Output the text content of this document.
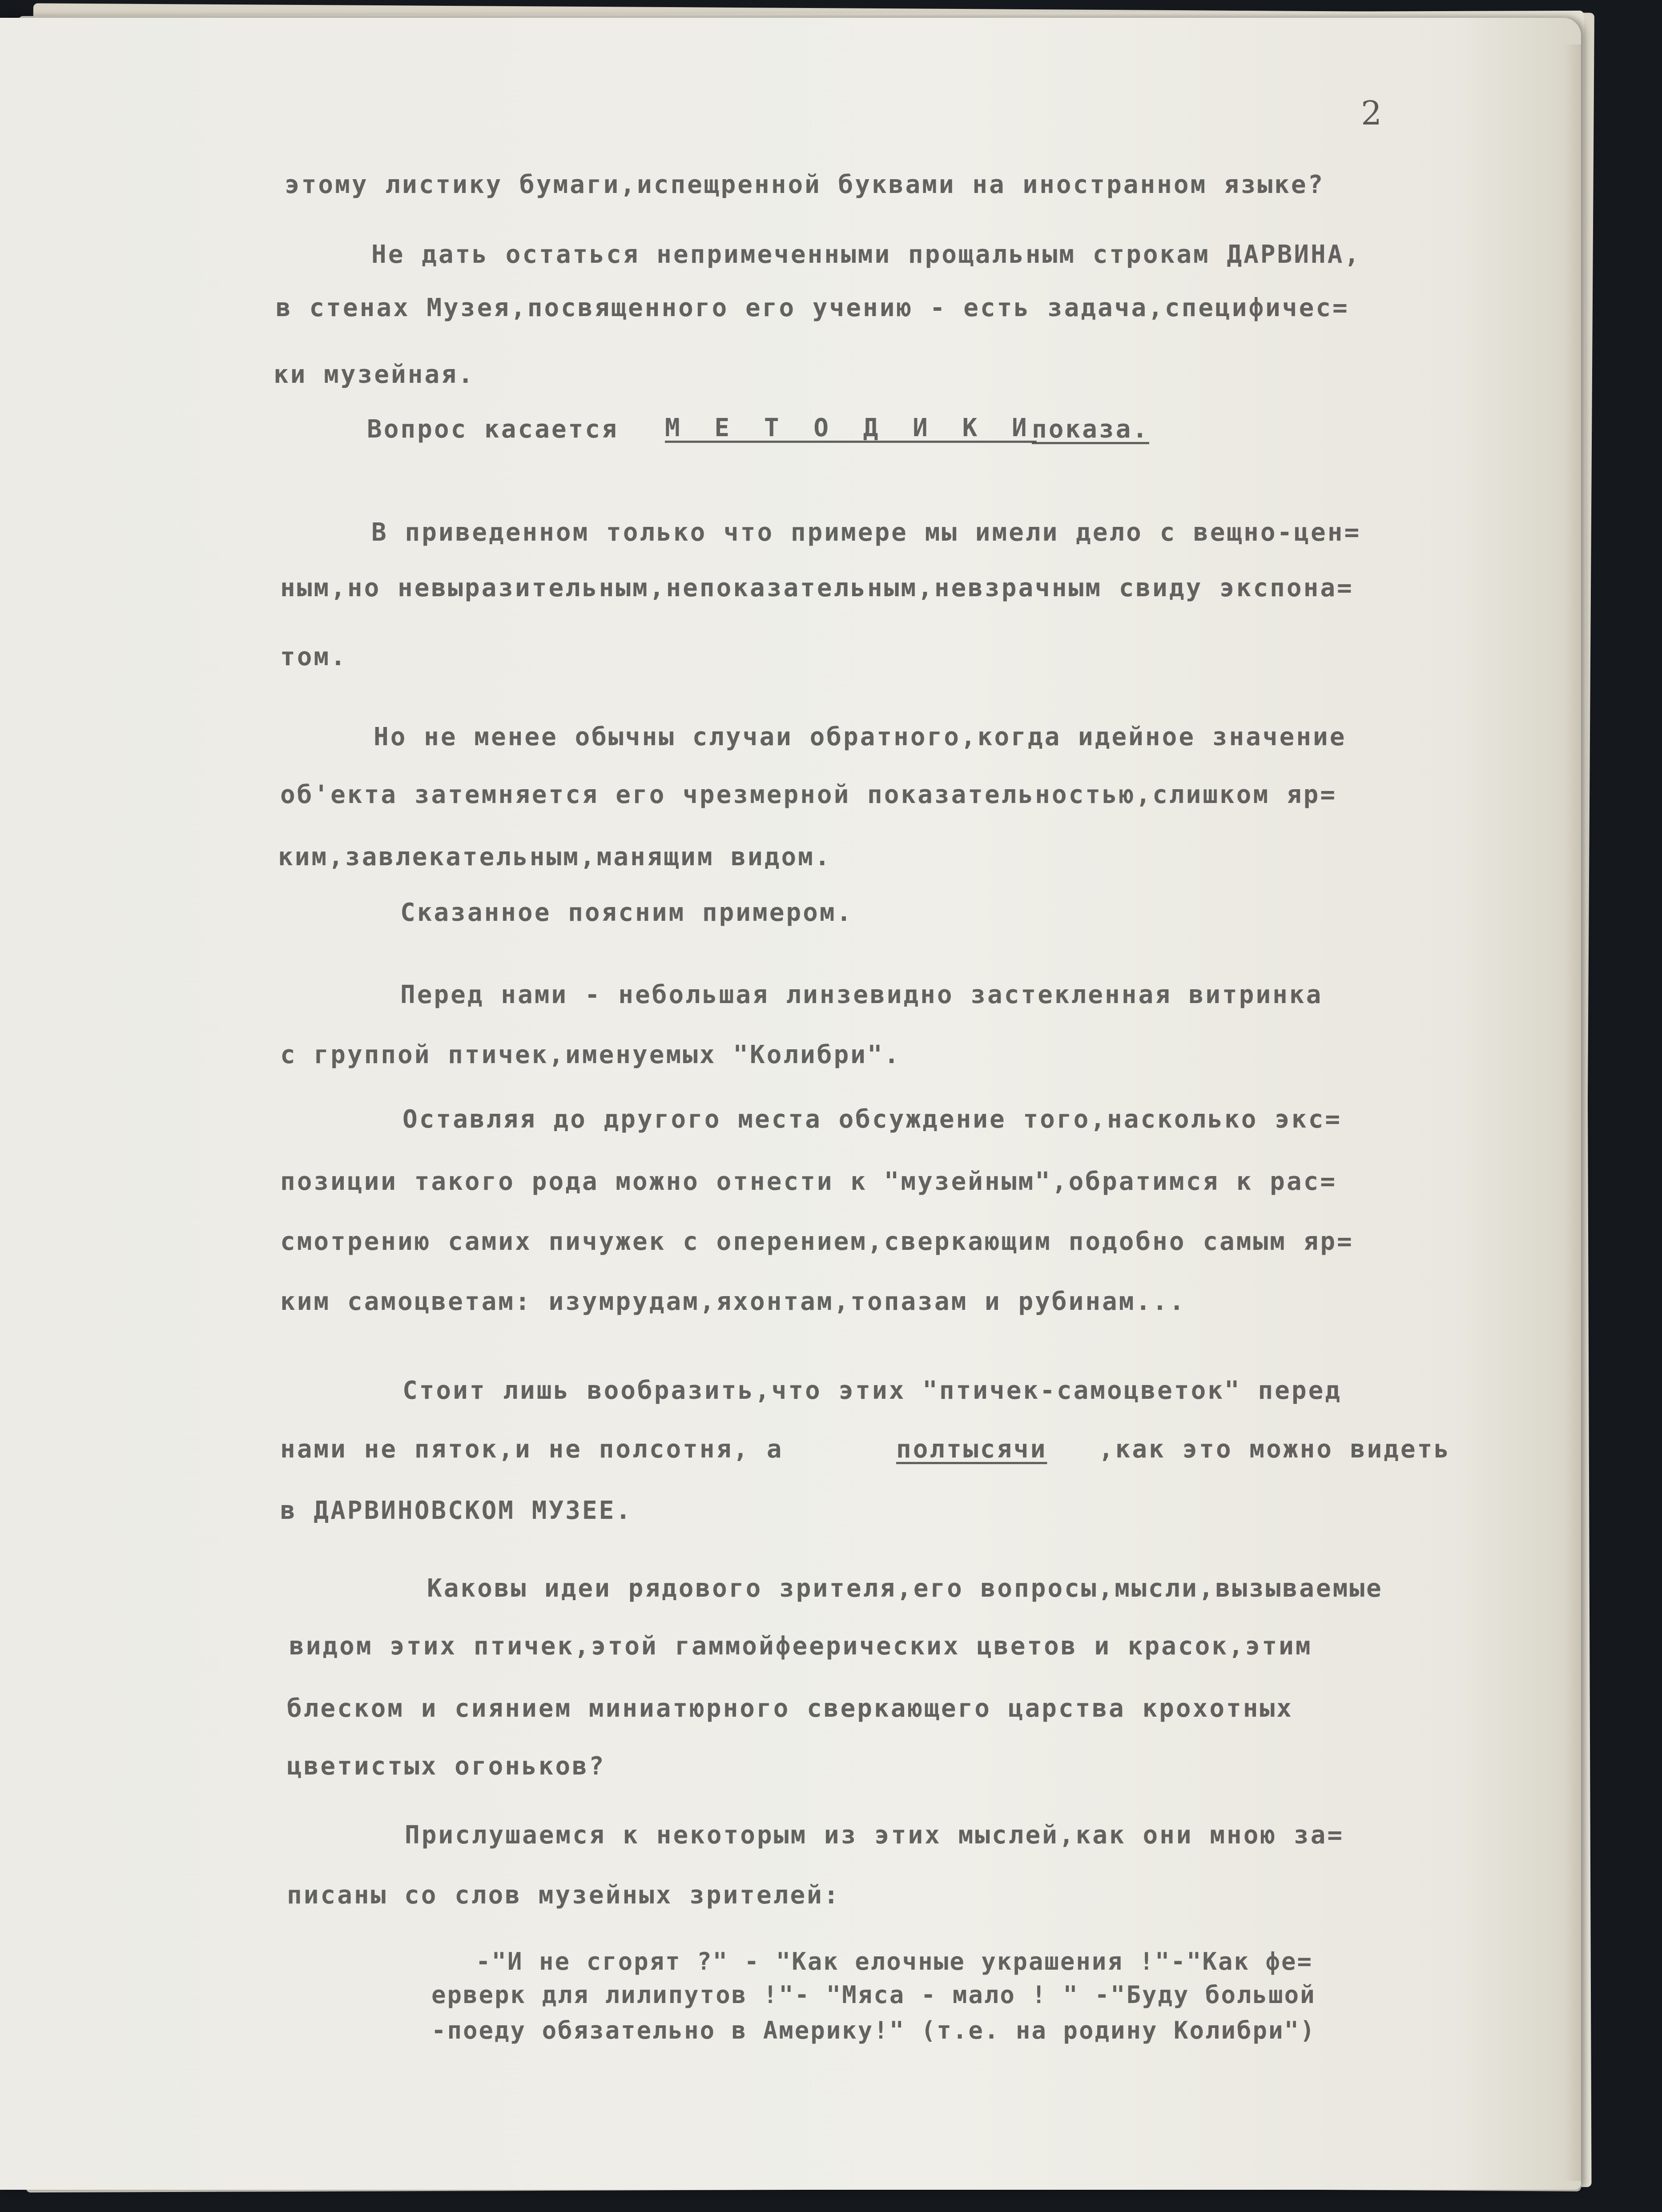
2
этому листику бумаги,испещренной буквами на иностранном языке?
Не дать остаться непримеченными прощальным строкам ДАРВИНА,
в стенах Музея,посвященного его учению - есть задача,специфичес=
ки музейная.
Вопрос касается М Е Т О Д И К И
показа.
В приведенном только что примере мы имели дело с вещно-цен=
ным,но невыразительным,непоказательным,невзрачным свиду экспона=
том.
Но не менее обычны случаи обратного,когда идейное значение
об'екта затемняется его чрезмерной показательностью,слишком яр=
ким,завлекательным,манящим видом.
Сказанное поясним примером.
Перед нами - небольшая линзевидно застекленная витринка
с группой птичек,именуемых "Колибри".
Оставляя до другого места обсуждение того,насколько экс=
позиции такого рода можно отнести к "музейным",обратимся к рас=
смотрению самих пичужек с оперением,сверкающим подобно самым яр=
ким самоцветам: изумрудам,яхонтам,топазам и рубинам...
Стоит лишь вообразить,что этих "птичек-самоцветок" перед
нами не пяток,и не полсотня, а	полтысячи ,как это можно видеть
в ДАРВИНОВСКОМ МУЗЕЕ.
Каковы идеи рядового зрителя,его вопросы,мысли,вызываемые
видом этих птичек,этой гаммойфеерических цветов и красок,этим
блеском и сиянием миниатюрного сверкающего царства крохотных
цветистых огоньков?
Прислушаемся к некоторым из этих мыслей,как они мною за=
писаны со слов музейных зрителей:
-"И не сгорят ?" - "Как елочные украшения !"-"Как фе=
ерверк для лилипутов !"- "Мяса - мало ! " -"Буду большой
-поеду обязательно в Америку!" (т.е. на родину Колибри")
